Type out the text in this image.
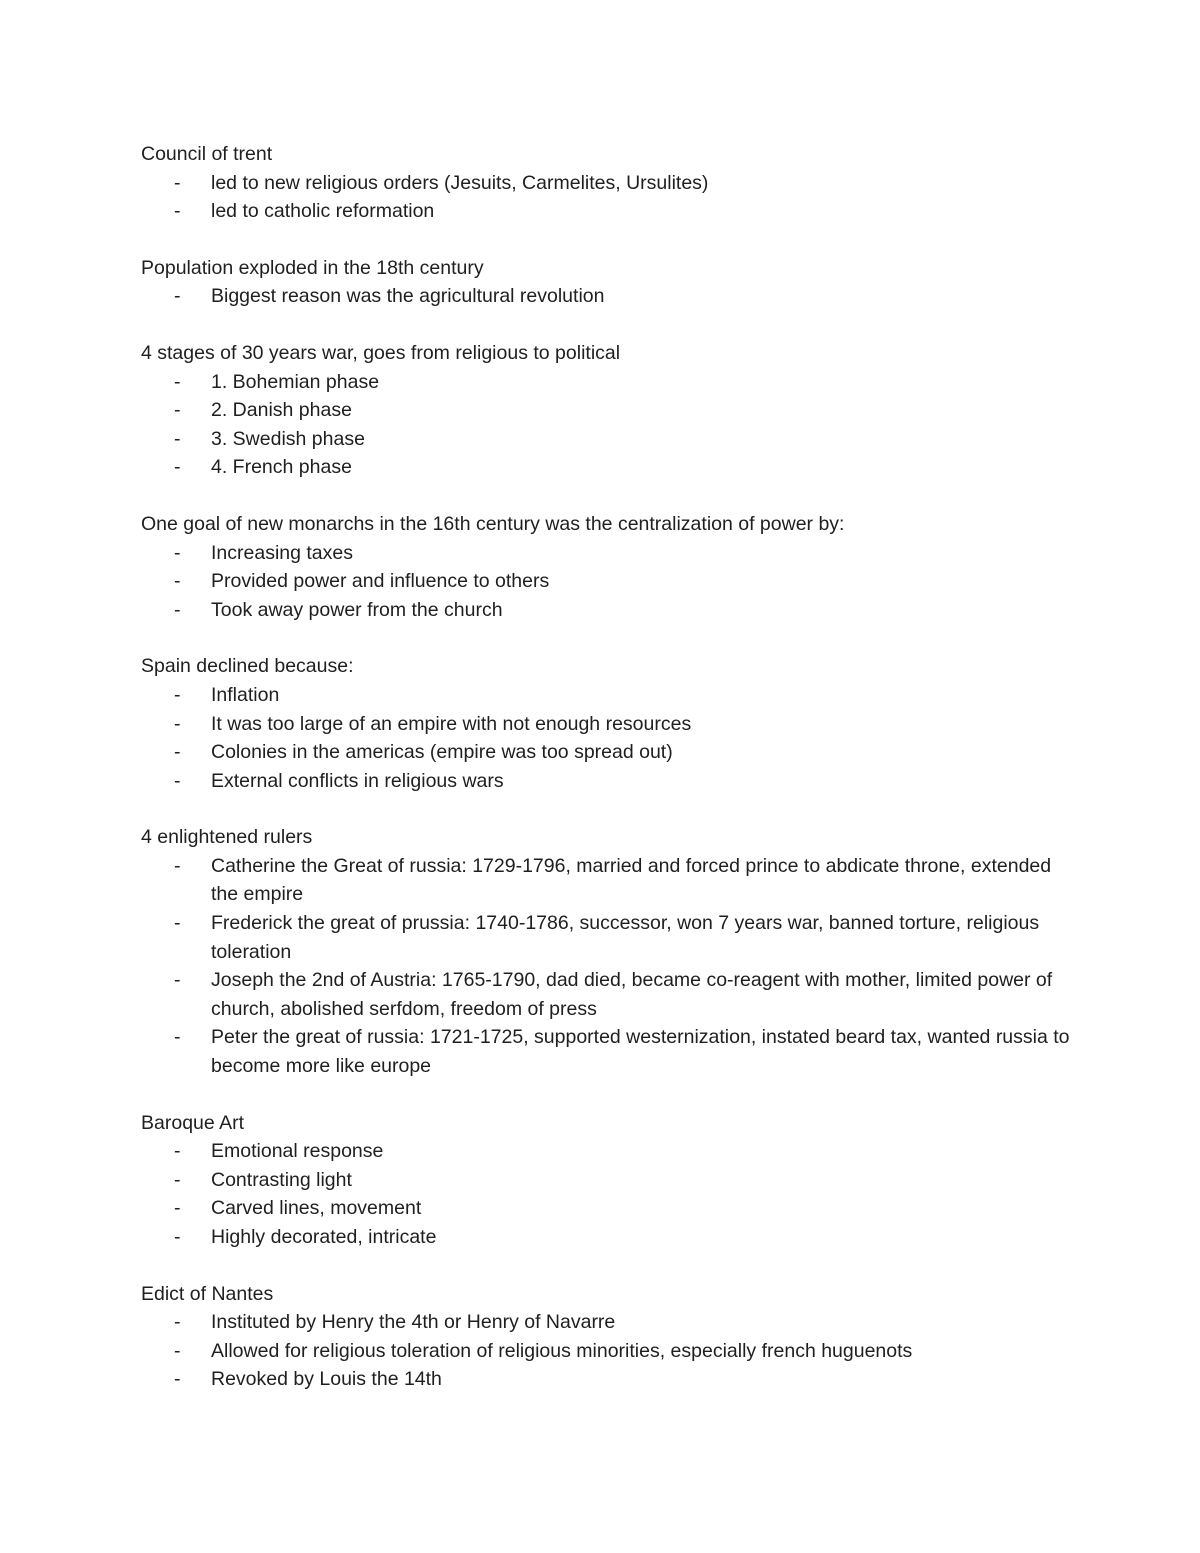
Council of trent
- led to new religious orders (Jesuits, Carmelites, Ursulites)
- led to catholic reformation
Population exploded in the 18th century
- Biggest reason was the agricultural revolution
4 stages of 30 years war, goes from religious to political
- 1. Bohemian phase
- 2. Danish phase
- 3. Swedish phase
- 4. French phase
One goal of new monarchs in the 16th century was the centralization of power by:
- Increasing taxes
- Provided power and influence to others
- Took away power from the church
Spain declined because:
- Inflation
- It was too large of an empire with not enough resources
- Colonies in the americas (empire was too spread out)
- External conflicts in religious wars
4 enlightened rulers
- Catherine the Great of russia: 1729-1796, married and forced prince to abdicate throne, extended the empire
- Frederick the great of prussia: 1740-1786, successor, won 7 years war, banned torture, religious toleration
- Joseph the 2nd of Austria: 1765-1790, dad died, became co-reagent with mother, limited power of church, abolished serfdom, freedom of press
- Peter the great of russia: 1721-1725, supported westernization, instated beard tax, wanted russia to become more like europe
Baroque Art
- Emotional response
- Contrasting light
- Carved lines, movement
- Highly decorated, intricate
Edict of Nantes
- Instituted by Henry the 4th or Henry of Navarre
- Allowed for religious toleration of religious minorities, especially french huguenots
- Revoked by Louis the 14th
